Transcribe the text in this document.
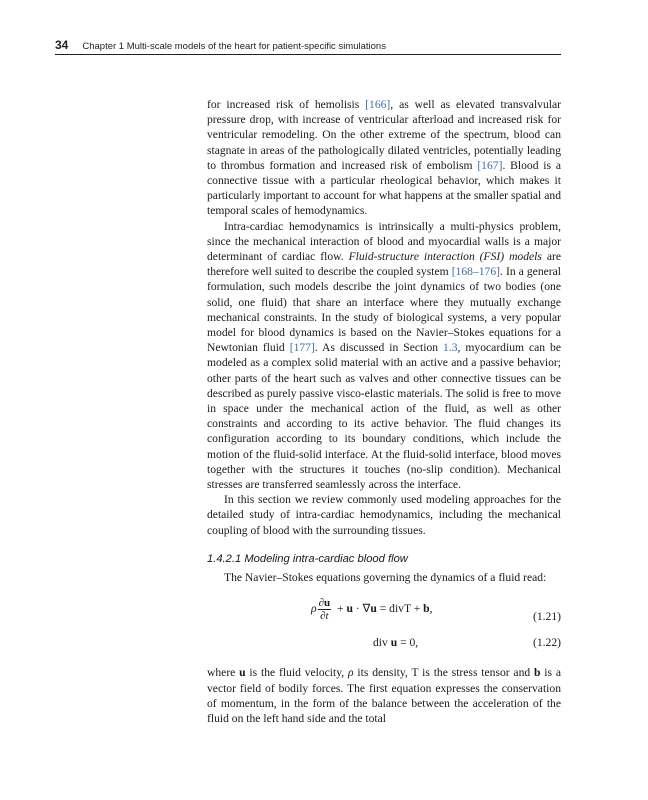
34 Chapter 1 Multi-scale models of the heart for patient-specific simulations

for increased risk of hemolisis [166], as well as elevated transvalvular pressure drop, with increase of ventricular afterload and increased risk for ventricular remodeling. On the other extreme of the spectrum, blood can stagnate in areas of the pathologically dilated ventricles, potentially leading to thrombus formation and increased risk of embolism [167]. Blood is a connective tissue with a particular rheological behavior, which makes it particularly important to account for what happens at the smaller spatial and temporal scales of hemodynamics.

Intra-cardiac hemodynamics is intrinsically a multi-physics problem, since the mechanical interaction of blood and myocardial walls is a major determinant of cardiac flow. Fluid-structure interaction (FSI) models are therefore well suited to describe the coupled system [168–176]. In a general formulation, such models describe the joint dynamics of two bodies (one solid, one fluid) that share an interface where they mutually exchange mechanical constraints. In the study of biological systems, a very popular model for blood dynamics is based on the Navier–Stokes equations for a Newtonian fluid [177]. As discussed in Section 1.3, myocardium can be modeled as a complex solid material with an active and a passive behavior; other parts of the heart such as valves and other connective tissues can be described as purely passive visco-elastic materials. The solid is free to move in space under the mechanical action of the fluid, as well as other constraints and according to its active behavior. The fluid changes its configuration according to its boundary conditions, which include the motion of the fluid-solid interface. At the fluid-solid interface, blood moves together with the structures it touches (no-slip condition). Mechanical stresses are transferred seamlessly across the interface.

In this section we review commonly used modeling approaches for the detailed study of intra-cardiac hemodynamics, including the mechanical coupling of blood with the surrounding tissues.

1.4.2.1 Modeling intra-cardiac blood flow

The Navier–Stokes equations governing the dynamics of a fluid read:

ρ $\frac{\partial u}{\partial t} + u \cdot \nabla u$ = divT + b,
(1.21)
div u = 0,	(1.22)

where u is the fluid velocity, ρ its density, T is the stress tensor and b is a vector field of bodily forces. The first equation expresses the conservation of momentum, in the form of the balance between the acceleration of the fluid on the left hand side and the total
